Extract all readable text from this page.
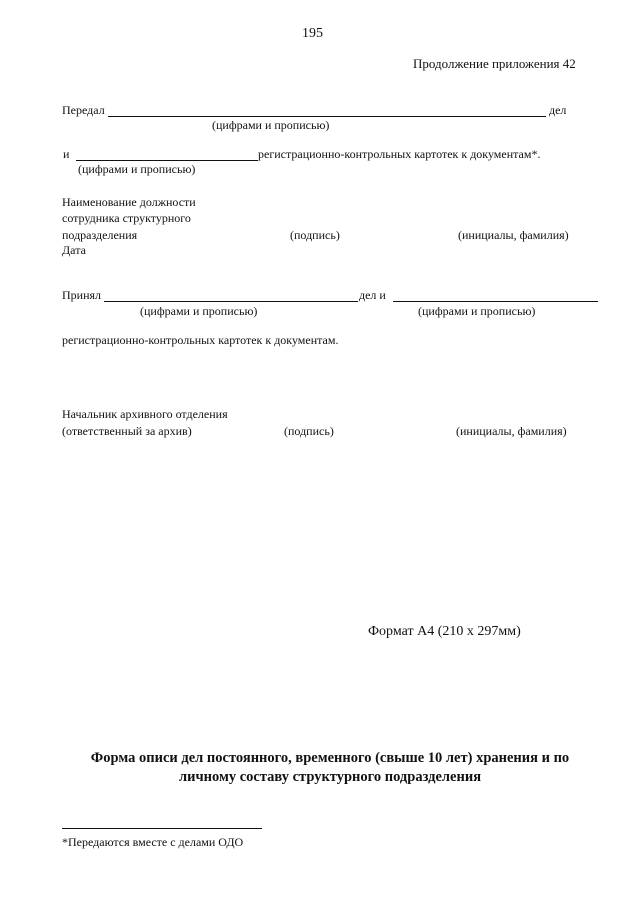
195
Продолжение приложения 42
Передал	дел
(цифрами и прописью)
и	регистрационно-контрольных картотек к документам*.
(цифрами и прописью)
Наименование должности
сотрудника структурного
подразделения	(подпись)	(инициалы, фамилия)
Дата
Принял	дел и
(цифрами и прописью)	(цифрами и прописью)
регистрационно-контрольных картотек к документам.
Начальник архивного отделения
(ответственный за архив)	(подпись)	(инициалы, фамилия)
Формат А4 (210 х 297мм)
Форма описи дел постоянного, временного (свыше 10 лет) хранения и по
личному составу структурного подразделения
*Передаются вместе с делами ОДО
